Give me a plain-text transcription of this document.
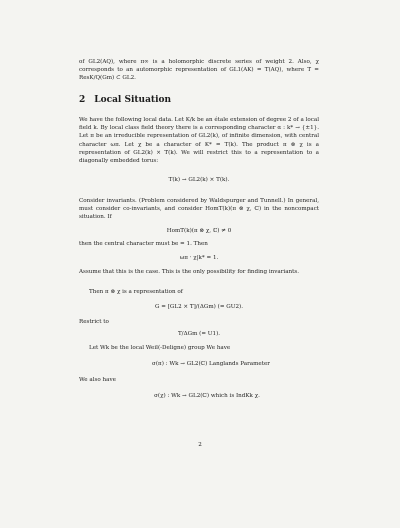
of GL2(AQ), where π∞ is a holomorphic discrete series of weight 2. Also, χ corresponds to an automorphic representation of GL1(AK) = T(AQ), where T = ResK/Q(Gm) ⊂ GL2.

2 Local Situation

We have the following local data. Let K/k be an étale extension of degree 2 of a local field k. By local class field theory there is a corresponding character α : k* → {±1}. Let π be an irreducible representation of GL2(k), of infinite dimension, with central character ωπ. Let χ be a character of K* = T(k). The product π ⊗ χ is a representation of GL2(k) × T(k). We will restrict this to a representation to a diagonally embedded torus:

T(k) → GL2(k) × T(k).

Consider invariants. (Problem considered by Waldspurger and Tunnell.) In general, must consider co-invariants, and consider HomT(k)(π ⊗ χ, ℂ) in the noncompact situation. If

HomT(k)(π ⊗ χ, ℂ) ≠ 0

then the central character must be = 1. Then

ωπ · χ|k* = 1.

Assume that this is the case. This is the only possibility for finding invariants.

Then π ⊗ χ is a representation of

G = [GL2 × T]/(ΔGm) (= GU2).

Restrict to

T/ΔGm (= U1).

Let Wk be the local Weil(-Deligne) group We have

σ(π) : Wk → GL2(ℂ) Langlands Parameter

We also have

σ(χ) : Wk → GL2(ℂ) which is IndKk χ.

2
